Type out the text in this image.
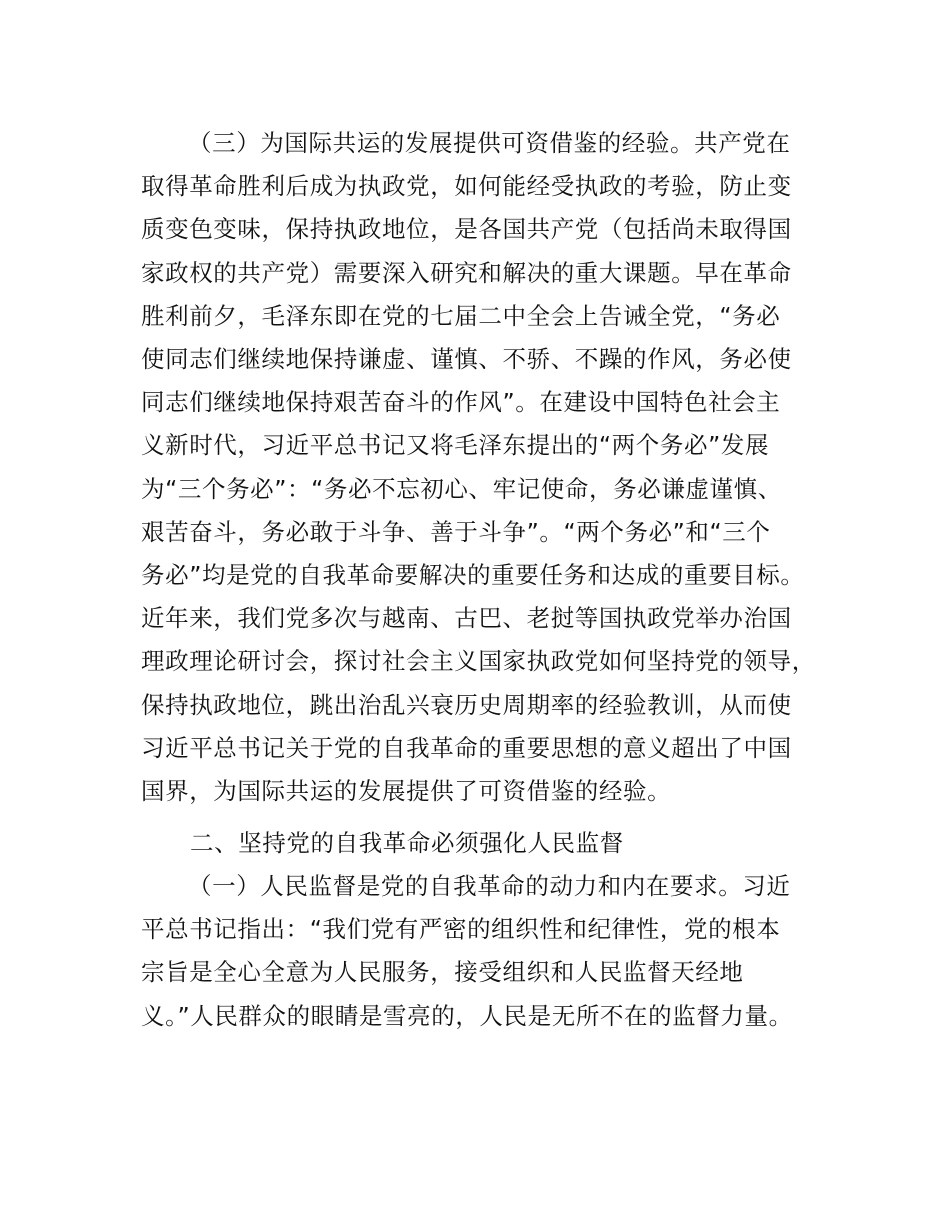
（三）为国际共运的发展提供可资借鉴的经验。共产党在
取得革命胜利后成为执政党，如何能经受执政的考验，防止变
质变色变味，保持执政地位，是各国共产党（包括尚未取得国
家政权的共产党）需要深入研究和解决的重大课题。早在革命
胜利前夕，毛泽东即在党的七届二中全会上告诫全党，“务必
使同志们继续地保持谦虚、谨慎、不骄、不躁的作风，务必使
同志们继续地保持艰苦奋斗的作风”。在建设中国特色社会主
义新时代，习近平总书记又将毛泽东提出的“两个务必”发展
为“三个务必”：“务必不忘初心、牢记使命，务必谦虚谨慎、
艰苦奋斗，务必敢于斗争、善于斗争”。“两个务必”和“三个
务必”均是党的自我革命要解决的重要任务和达成的重要目标。
近年来，我们党多次与越南、古巴、老挝等国执政党举办治国
理政理论研讨会，探讨社会主义国家执政党如何坚持党的领导，
保持执政地位，跳出治乱兴衰历史周期率的经验教训，从而使
习近平总书记关于党的自我革命的重要思想的意义超出了中国
国界，为国际共运的发展提供了可资借鉴的经验。
二、坚持党的自我革命必须强化人民监督
（一）人民监督是党的自我革命的动力和内在要求。习近
平总书记指出：“我们党有严密的组织性和纪律性，党的根本
宗旨是全心全意为人民服务，接受组织和人民监督天经地
义。”人民群众的眼睛是雪亮的，人民是无所不在的监督力量。
